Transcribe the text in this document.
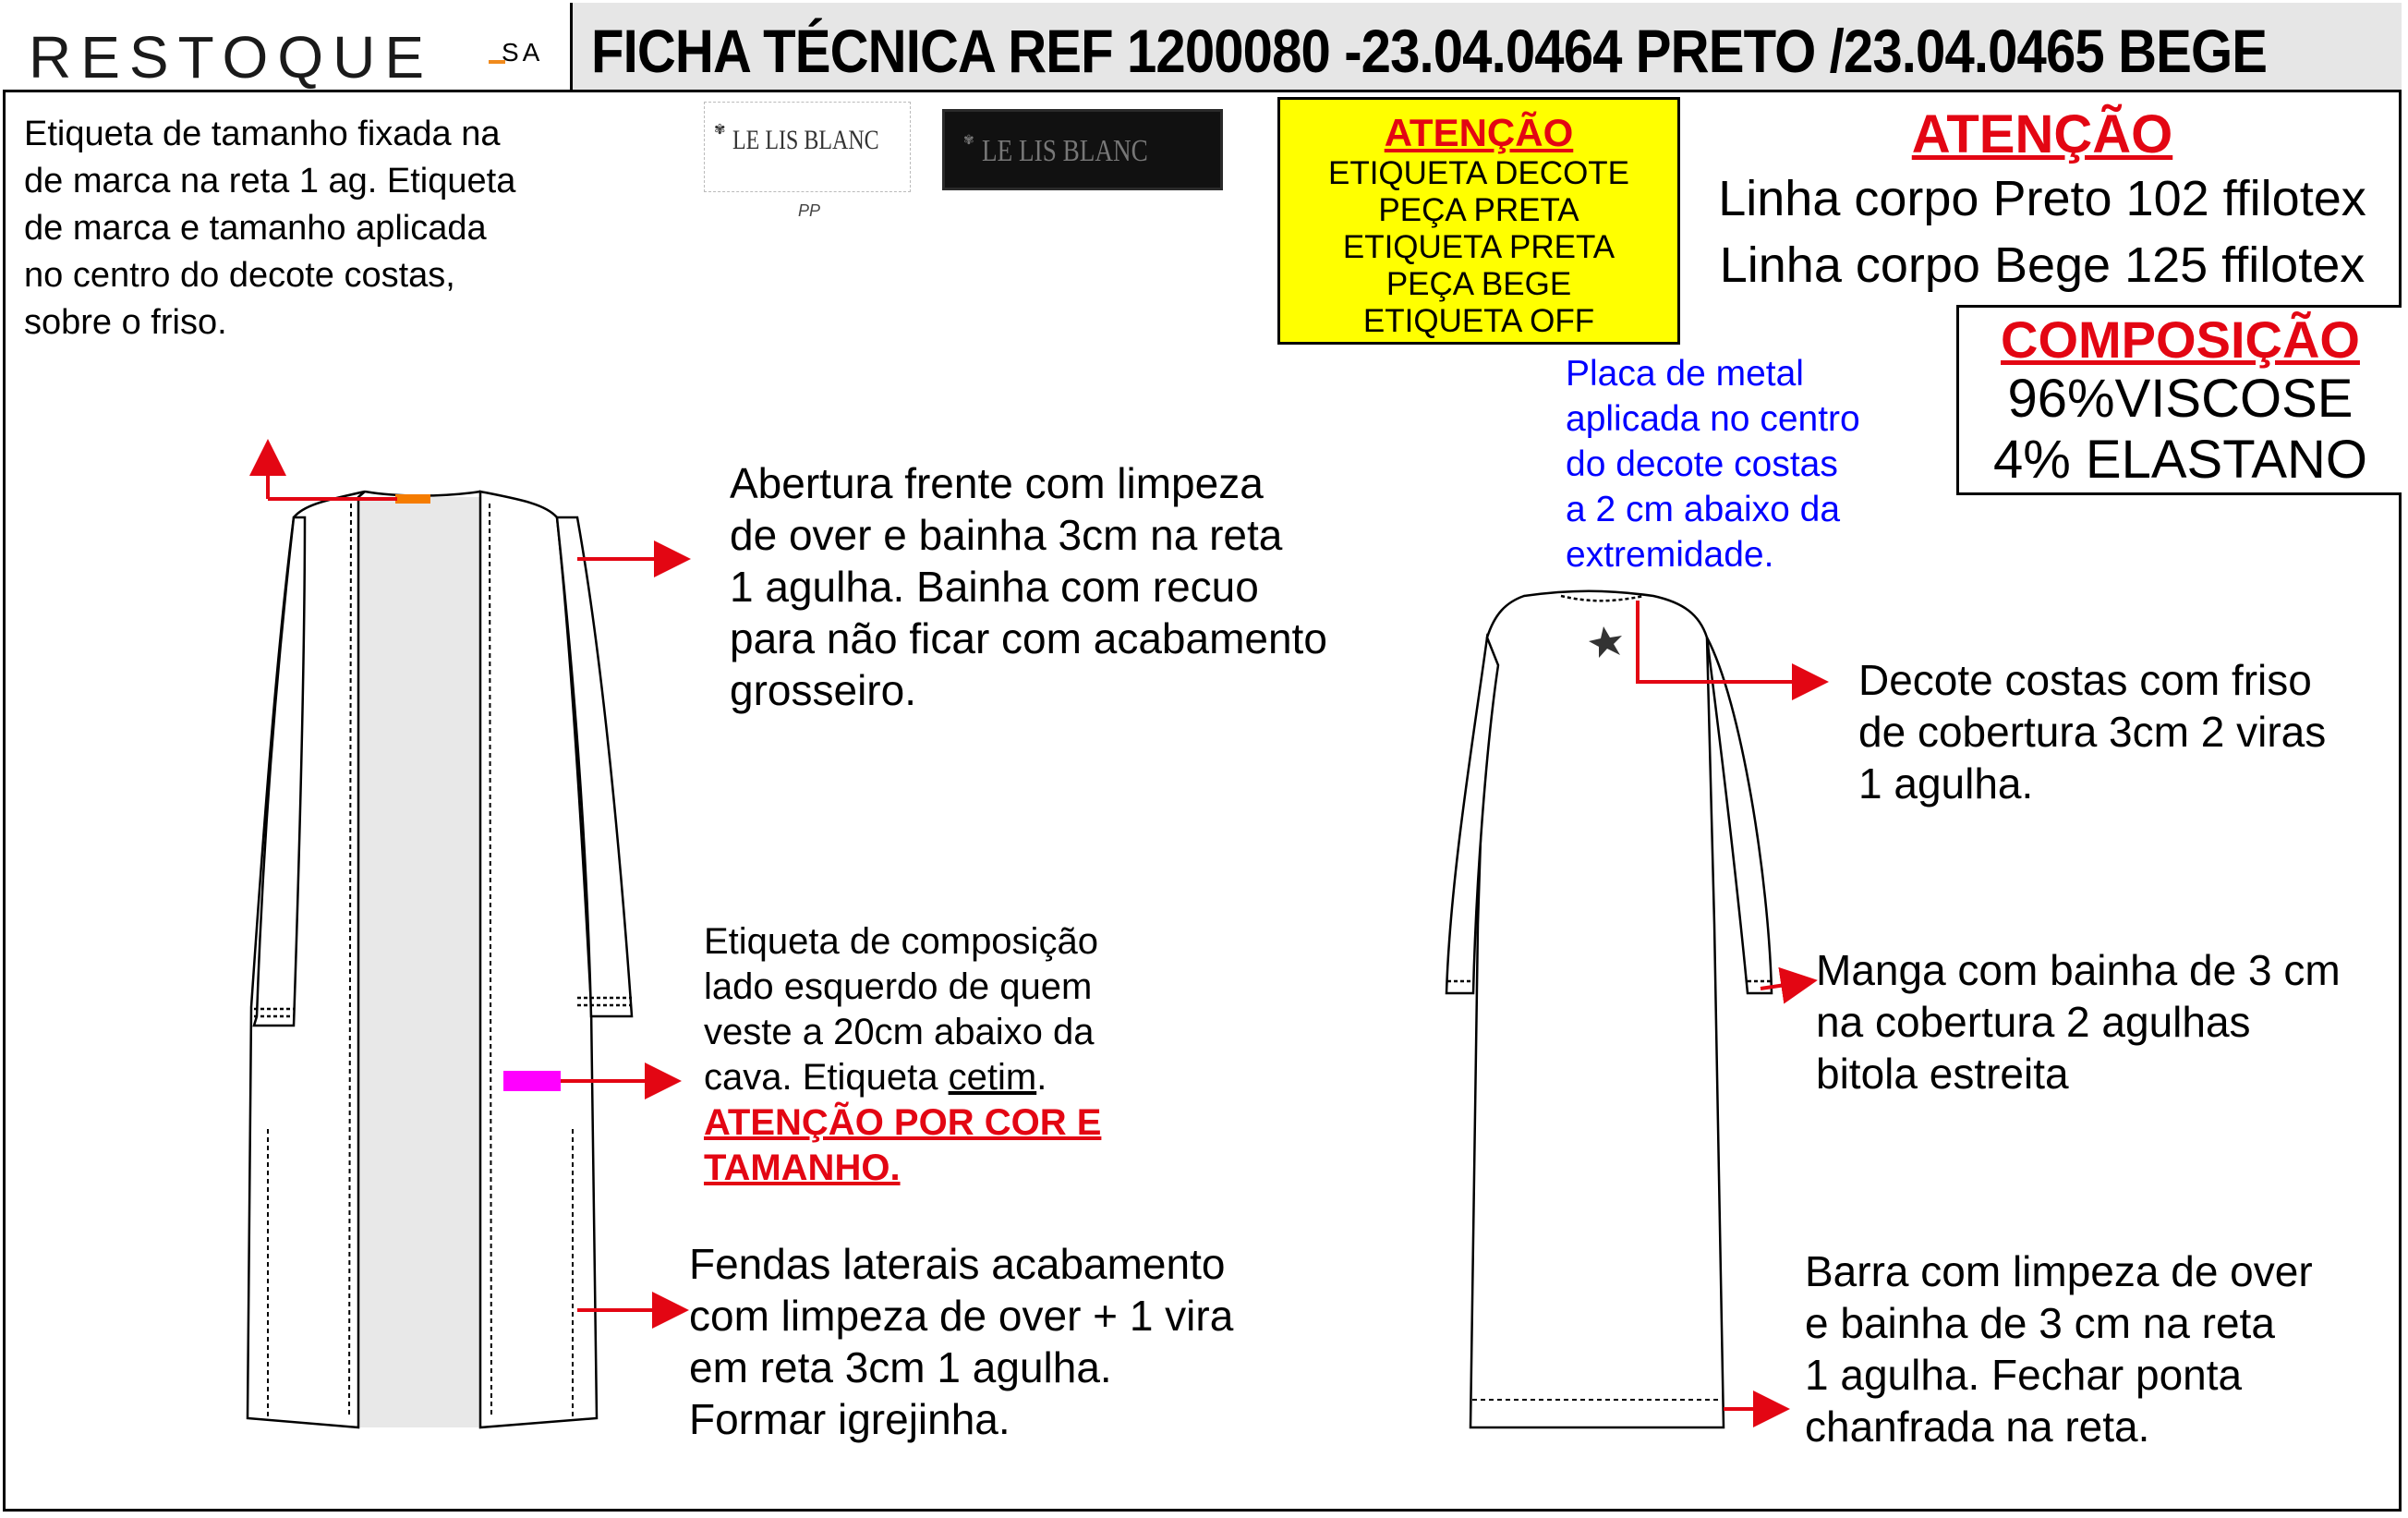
RESTOQUE	SA FICHA TÉCNICA REF 1200080 -23.04.0464 PRETO /23.04.0465 BEGE
Etiqueta de tamanho fixada na
de marca na reta 1 ag. Etiqueta
de marca e tamanho aplicada
no centro do decote costas,
sobre o friso.
✾ LE LIS BLANC
PP
✾ LE LIS BLANC	ATENÇÃO
ETIQUETA DECOTE
PEÇA PRETA
ETIQUETA PRETA
PEÇA BEGE
ETIQUETA OFF
ATENÇÃO
Linha corpo Preto 102 ffilotex
Linha corpo Bege 125 ffilotex
COMPOSIÇÃO
96%VISCOSE
4% ELASTANO
Placa de metal
aplicada no centro
do decote costas
a 2 cm abaixo da
extremidade.
Abertura frente com limpeza
de over e bainha 3cm na reta
1 agulha. Bainha com recuo
para não ficar com acabamento
grosseiro.
Etiqueta de composição
lado esquerdo de quem
veste a 20cm abaixo da
cava. Etiqueta cetim.
ATENÇÃO POR COR E
TAMANHO.
Fendas laterais acabamento
com limpeza de over + 1 vira
em reta 3cm 1 agulha.
Formar igrejinha.
Decote costas com friso
de cobertura 3cm 2 viras
1 agulha.
Manga com bainha de 3 cm
na cobertura 2 agulhas
bitola estreita
Barra com limpeza de over
e bainha de 3 cm na reta
1 agulha. Fechar ponta
chanfrada na reta.
